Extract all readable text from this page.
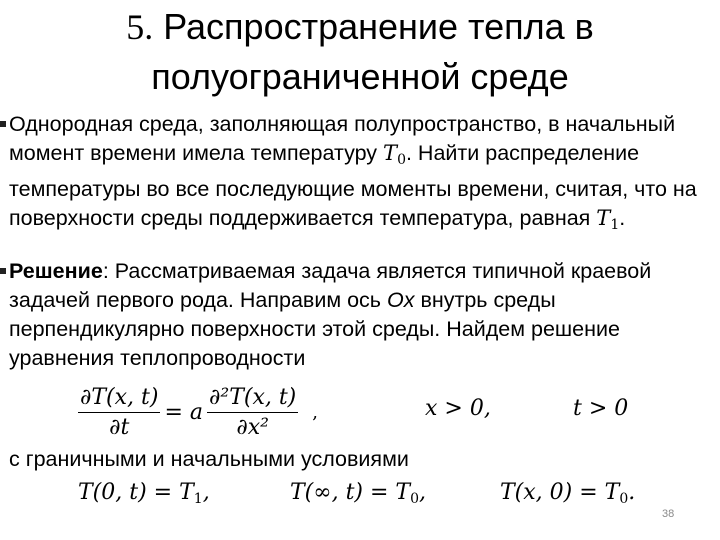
5. Распространение тепла в
полуограниченной среде
Однородная среда, заполняющая полупространство, в начальный момент времени имела температуру $T_0$. Найти распределение температуры во все последующие моменты времени, считая, что на поверхности среды поддерживается температура, равная $T_1$.
Решение: Рассматриваемая задача является типичной краевой задачей первого рода. Направим ось Ox внутрь среды перпендикулярно поверхности этой среды. Найдем решение уравнения теплопроводности
$\frac{\partial T(x, t)}{\partial t} = a \frac{\text{∂²T(x, t)}}{\text{∂x²}}$ ,	x > 0,	t > 0
с граничными и начальными условиями
T(0, $t) = T_1$,	T(∞, $t) = T_0$,	T(x, $0) = T_0$.
38
